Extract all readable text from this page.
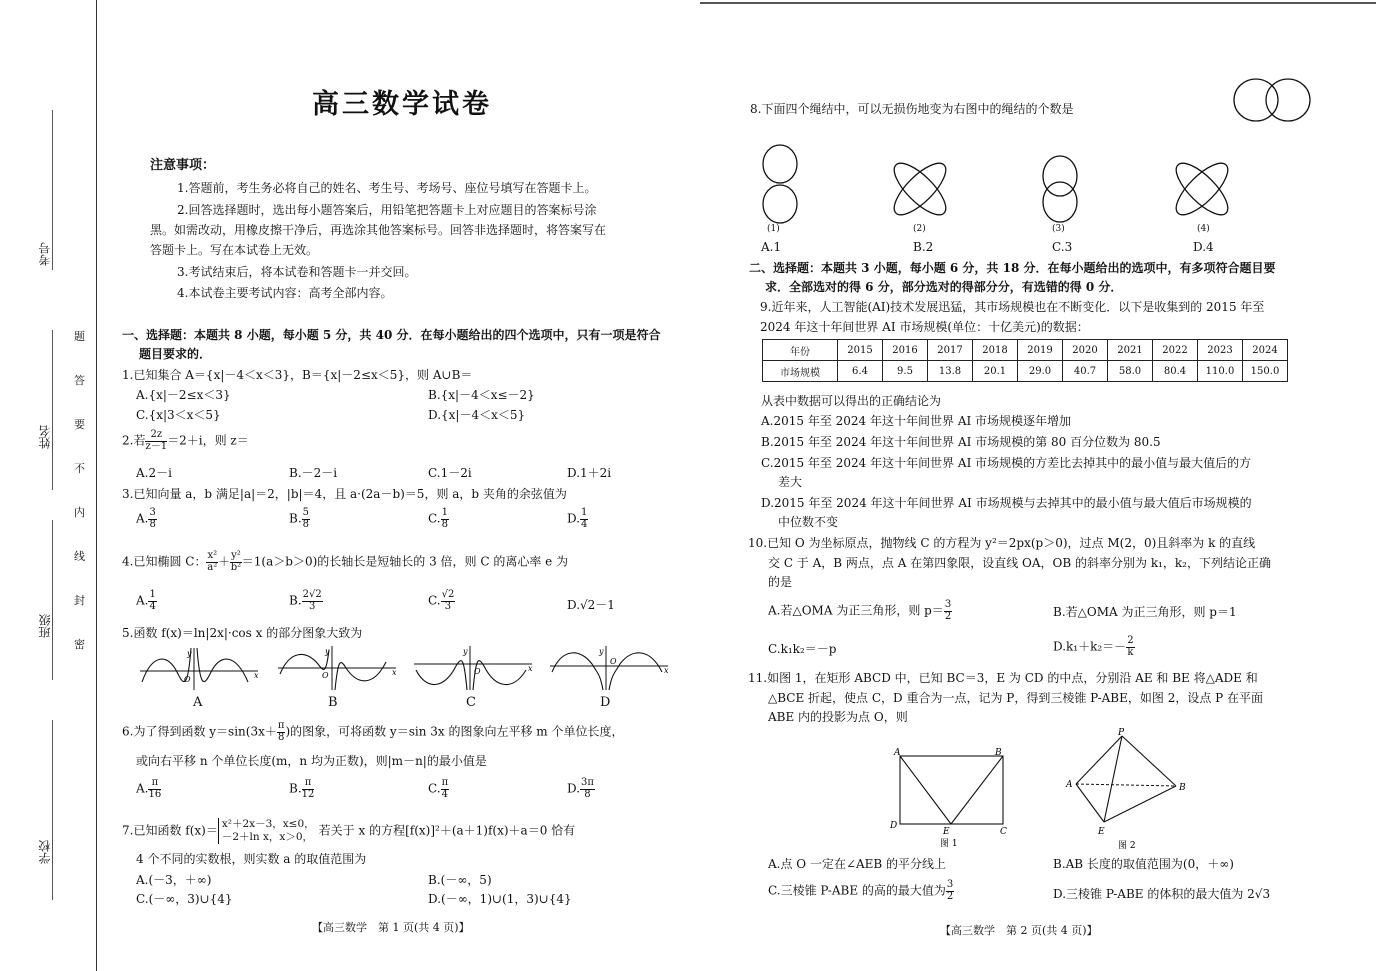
考号
姓名
班级
学校
题
答
要
不
内
线
封
密
高三数学试卷
注意事项：
1.答题前，考生务必将自己的姓名、考生号、考场号、座位号填写在答题卡上。
2.回答选择题时，选出每小题答案后，用铅笔把答题卡上对应题目的答案标号涂
黑。如需改动，用橡皮擦干净后，再选涂其他答案标号。回答非选择题时，将答案写在
答题卡上。写在本试卷上无效。
3.考试结束后，将本试卷和答题卡一并交回。
4.本试卷主要考试内容：高考全部内容。
一、选择题：本题共 8 小题，每小题 5 分，共 40 分．在每小题给出的四个选项中，只有一项是符合
题目要求的．
1.已知集合 A＝{x|－4＜x＜3}，B＝{x|－2≤x＜5}，则 A∪B＝
A.{x|－2≤x＜3}	B.{x|－4＜x≤－2}
C.{x|3＜x＜5}	D.{x|－4＜x＜5}
2.若 $\frac{2z}{z-1} =2+i$，则 z＝
A.2－i	B.－2－i	C.1－2i	D.1＋2i
3.已知向量 a，b 满足|a|＝2，|b|＝4，且 a·(2a－b)＝5，则 a，b 夹角的余弦值为
A. $\frac{3}{8}$	B. $\frac{5}{8}$	C. $\frac{1}{8}$	D. $\frac{1}{4}$
4.已知椭圆 C： $\frac{\text{x²}}{\text{a²}} + \frac{\text{y²}}{\text{b²}} =1(a>b>0)$的长轴长是短轴长的 3 倍，则 C 的离心率 e 为
A. $\frac{1}{4}$	B. $\frac{2√2}{3}$	C. $\frac{√2}{3}$	D.√2－1
5.函数 f(x)＝ln|2x|·cos x 的部分图象大致为
y
x
O
A
y
x
O
B
y
x
O
C
y
x
O
D
6.为了得到函数 $y=\sin(3x+ \frac{\pi}{8}$ )的图象，可将函数 y＝sin 3x 的图象向左平移 m 个单位长度，
或向右平移 n 个单位长度(m，n 均为正数)，则|m－n|的最小值是
A. $\frac{\pi}{16}$	B. $\frac{\pi}{12}$	C. $\frac{\pi}{4}$	D. $\frac{3\pi}{8}$
7.已知函数 f(x)＝ x²＋2x－3，x≤0，
－2＋ln x，x＞0， 若关于 x 的方程[f(x)]²＋(a＋1)f(x)＋a＝0 恰有
4 个不同的实数根，则实数 a 的取值范围为
A.(－3，＋∞)	B.(－∞，5)
C.(－∞，3)∪{4}	D.(－∞，1)∪(1，3)∪{4}
【高三数学　第 1 页(共 4 页)】
8.下面四个绳结中，可以无损伤地变为右图中的绳结的个数是
(1)	(2)	(3)	(4)
A.1	B.2	C.3	D.4
二、选择题：本题共 3 小题，每小题 6 分，共 18 分．在每小题给出的选项中，有多项符合题目要
求．全部选对的得 6 分，部分选对的得部分分，有选错的得 0 分．
9.近年来，人工智能(AI)技术发展迅猛，其市场规模也在不断变化．以下是收集到的 2015 年至
2024 年这十年间世界 AI 市场规模(单位：十亿美元)的数据：
年份	2015	2016	2017	2018	2019	2020	2021	2022	2023	2024
市场规模	6.4	9.5	13.8	20.1	29.0	40.7	58.0	80.4	110.0	150.0
从表中数据可以得出的正确结论为
A.2015 年至 2024 年这十年间世界 AI 市场规模逐年增加
B.2015 年至 2024 年这十年间世界 AI 市场规模的第 80 百分位数为 80.5
C.2015 年至 2024 年这十年间世界 AI 市场规模的方差比去掉其中的最小值与最大值后的方
差大
D.2015 年至 2024 年这十年间世界 AI 市场规模与去掉其中的最小值与最大值后市场规模的
中位数不变
10.已知 O 为坐标原点，抛物线 C 的方程为 y²＝2px(p＞0)，过点 M(2，0)且斜率为 k 的直线
交 C 于 A，B 两点，点 A 在第四象限，设直线 OA，OB 的斜率分别为 k₁，k₂，下列结论正确
的是
A.若△OMA 为正三角形，则 $p= \frac{3}{2}$	B.若△OMA 为正三角形，则 p＝1
C.k₁k₂＝－p	$D.k_1+k_2=- \frac{2}{k}$
11.如图 1，在矩形 ABCD 中，已知 BC＝3，E 为 CD 的中点，分别沿 AE 和 BE 将△ADE 和
△BCE 折起，使点 C，D 重合为一点，记为 P，得到三棱锥 P-ABE，如图 2，设点 P 在平面
ABE 内的投影为点 O，则
A	B
C
D
E
图 1
P
A	B
E
图 2
A.点 O 一定在∠AEB 的平分线上	B.AB 长度的取值范围为(0，＋∞)
C.三棱锥 P-ABE 的高的最大值为 $\frac{3}{2}$	D.三棱锥 P-ABE 的体积的最大值为 2√3
【高三数学　第 2 页(共 4 页)】
